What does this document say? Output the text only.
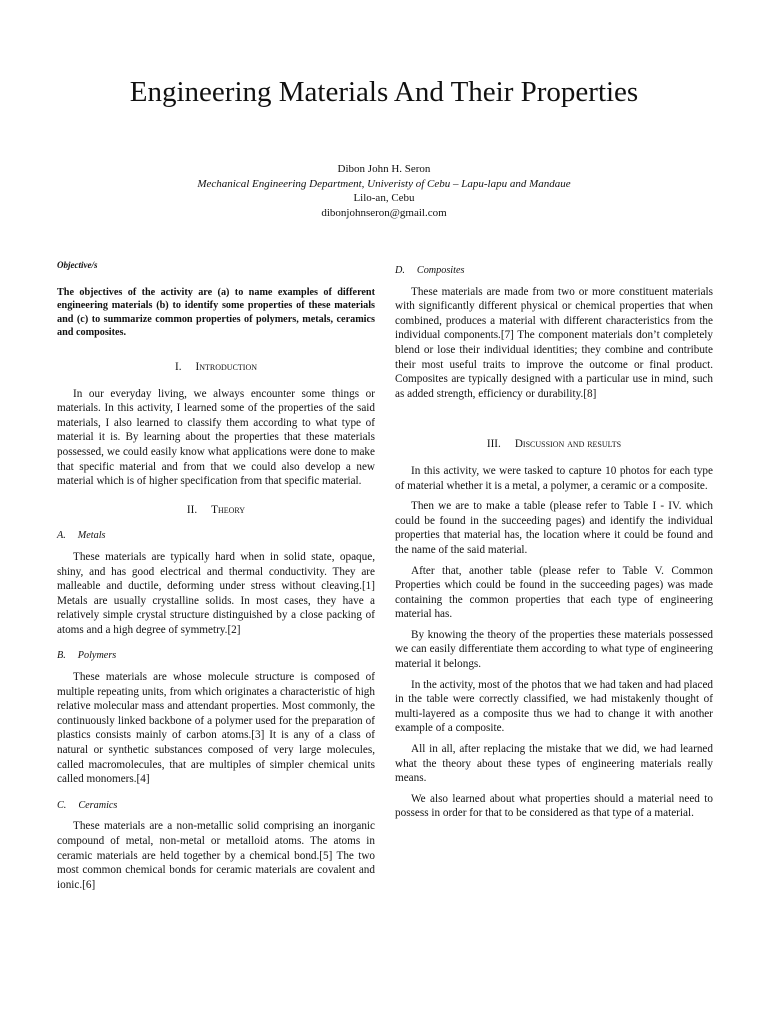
Engineering Materials And Their Properties
Dibon John H. Seron
Mechanical Engineering Department, Univeristy of Cebu – Lapu-lapu and Mandaue
Lilo-an, Cebu
dibonjohnseron@gmail.com
Objective/s

The objectives of the activity are (a) to name examples of different engineering materials (b) to identify some properties of these materials and (c) to summarize common properties of polymers, metals, ceramics and composites.

I. Introduction

In our everyday living, we always encounter some things or materials. In this activity, I learned some of the properties of the said materials, I also learned to classify them according to what type of material it is. By learning about the properties that these materials possessed, we could easily know what applications were done to make that specific material and from that we could also develop a new material which is of higher specification from that specific material.

II. Theory
A. Metals

These materials are typically hard when in solid state, opaque, shiny, and has good electrical and thermal conductivity. They are malleable and ductile, deforming under stress without cleaving.[1] Metals are usually crystalline solids. In most cases, they have a relatively simple crystal structure distinguished by a close packing of atoms and a high degree of symmetry.[2]

B. Polymers

These materials are whose molecule structure is composed of multiple repeating units, from which originates a characteristic of high relative molecular mass and attendant properties. Most commonly, the continuously linked backbone of a polymer used for the preparation of plastics consists mainly of carbon atoms.[3] It is any of a class of natural or synthetic substances composed of very large molecules, called macromolecules, that are multiples of simpler chemical units called monomers.[4]

C. Ceramics

These materials are a non-metallic solid comprising an inorganic compound of metal, non-metal or metalloid atoms. The atoms in ceramic materials are held together by a chemical bond.[5] The two most common chemical bonds for ceramic materials are covalent and ionic.[6]

D. Composites

These materials are made from two or more constituent materials with significantly different physical or chemical properties that when combined, produces a material with different characteristics from the individual components.[7] The component materials don’t completely blend or lose their individual identities; they combine and contribute their most useful traits to improve the outcome or final product. Composites are typically designed with a particular use in mind, such as added strength, efficiency or durability.[8]

III. Discussion and results

In this activity, we were tasked to capture 10 photos for each type of material whether it is a metal, a polymer, a ceramic or a composite.

Then we are to make a table (please refer to Table I - IV. which could be found in the succeeding pages) and identify the individual properties that material has, the location where it could be found and the name of the said material.

After that, another table (please refer to Table V. Common Properties which could be found in the succeeding pages) was made containing the common properties that each type of engineering material has.

By knowing the theory of the properties these materials possessed we can easily differentiate them according to what type of engineering material it belongs.

In the activity, most of the photos that we had taken and had placed in the table were correctly classified, we had mistakenly thought of multi-layered as a composite thus we had to change it with another example of a composite.

All in all, after replacing the mistake that we did, we had learned what the theory about these types of engineering materials really means.

We also learned about what properties should a material need to possess in order for that to be considered as that type of a material.
